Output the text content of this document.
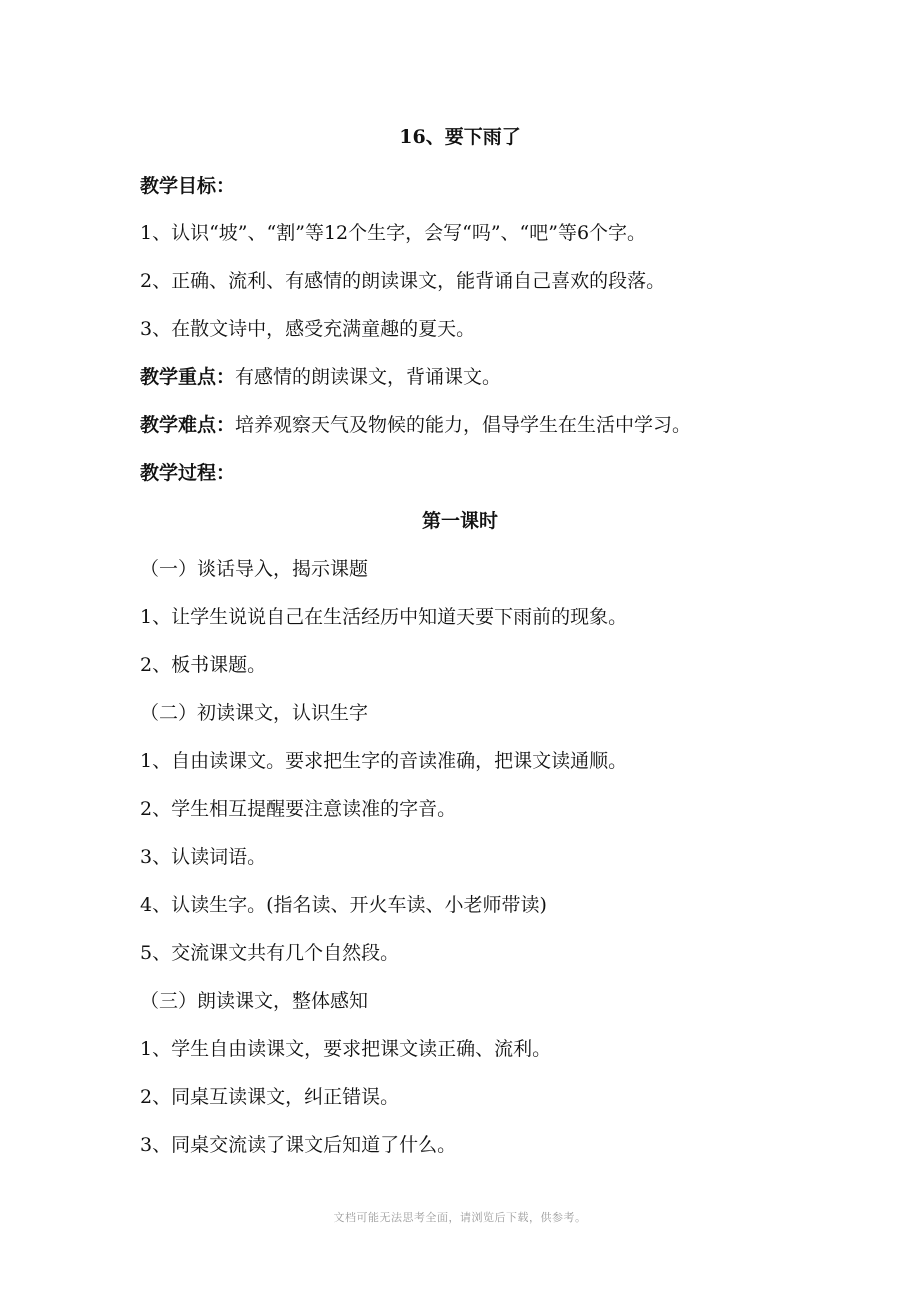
16、要下雨了
教学目标：
1、认识“坡”、“割”等12个生字，会写“吗”、“吧”等6个字。
2、正确、流利、有感情的朗读课文，能背诵自己喜欢的段落。
3、在散文诗中，感受充满童趣的夏天。
教学重点：有感情的朗读课文，背诵课文。
教学难点：培养观察天气及物候的能力，倡导学生在生活中学习。
教学过程：
第一课时
（一）谈话导入，揭示课题
1、让学生说说自己在生活经历中知道天要下雨前的现象。
2、板书课题。
（二）初读课文，认识生字
1、自由读课文。要求把生字的音读准确，把课文读通顺。
2、学生相互提醒要注意读准的字音。
3、认读词语。
4、认读生字。(指名读、开火车读、小老师带读)
5、交流课文共有几个自然段。
（三）朗读课文，整体感知
1、学生自由读课文，要求把课文读正确、流利。
2、同桌互读课文，纠正错误。
3、同桌交流读了课文后知道了什么。
文档可能无法思考全面，请浏览后下载，供参考。
